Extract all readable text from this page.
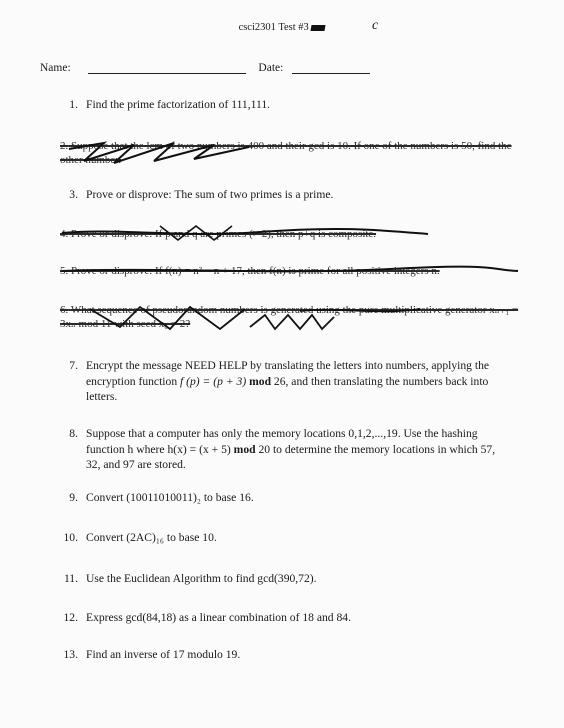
csci2301 Test #3	c
Name:	Date:
1. Find the prime factorization of 111,111.
2. Suppose that the lcm of two numbers is 400 and their gcd is 10. If one of the numbers is 50, find the other number.
3. Prove or disprove: The sum of two primes is a prime.
4. Prove or disprove: If p and q are primes (> 2), then p+q is composite.
5. Prove or disprove: If f(n) = n² − n + 17, then f(n) is prime for all positive integers n.
6. What sequence of pseudorandom numbers is generated using the pure multiplicative generator xₙ₊₁ = 3xₙ mod 11 with seed x₀ = 2?
7. Encrypt the message NEED HELP by translating the letters into numbers, applying the encryption function f (p) = (p + 3) mod 26, and then translating the numbers back into letters.
8. Suppose that a computer has only the memory locations 0,1,2,...,19. Use the hashing function h where h(x) = (x + 5) mod 20 to determine the memory locations in which 57, 32, and 97 are stored.
9. Convert (10011010011)₂ to base 16.
10. Convert (2AC)₁₆ to base 10.
11. Use the Euclidean Algorithm to find gcd(390,72).
12. Express gcd(84,18) as a linear combination of 18 and 84.
13. Find an inverse of 17 modulo 19.
